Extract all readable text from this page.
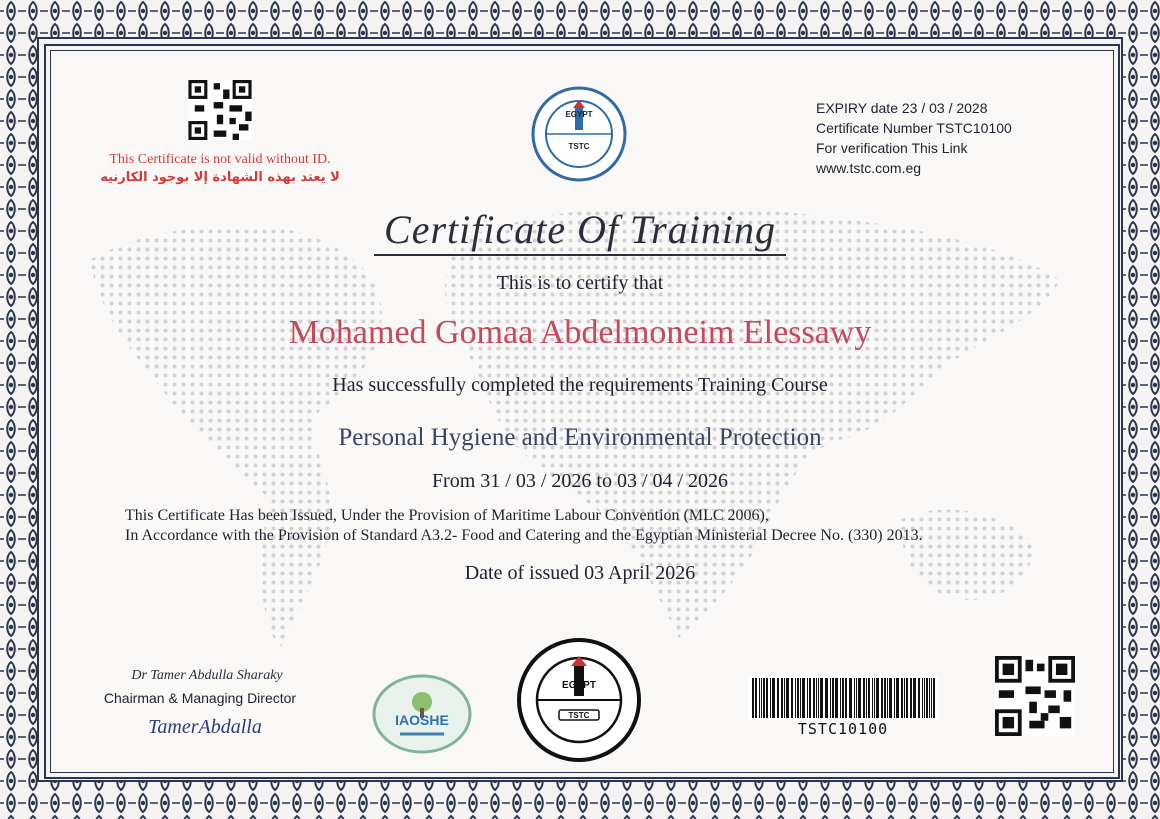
This Certificate is not valid without ID.
لا يعتد بهذه الشهادة إلا بوجود الكارنيه
EGYPT
TSTC
EXPIRY date 23 / 03 / 2028
Certificate Number TSTC10100
For verification This Link
www.tstc.com.eg
Certificate Of Training
This is to certify that
Mohamed Gomaa Abdelmoneim Elessawy
Has successfully completed the requirements Training Course
Personal Hygiene and Environmental Protection
From 31 / 03 / 2026 to 03 / 04 / 2026
This Certificate Has been Issued, Under the Provision of Maritime Labour Convention (MLC 2006),
In Accordance with the Provision of Standard A3.2- Food and Catering and the Egyptian Ministerial Decree No. (330) 2013.
Date of issued 03 April 2026
Dr Tamer Abdulla Sharaky
Chairman & Managing Director
TamerAbdalla	IAOSHE
EGYPT
TSTC
TSTC10100
